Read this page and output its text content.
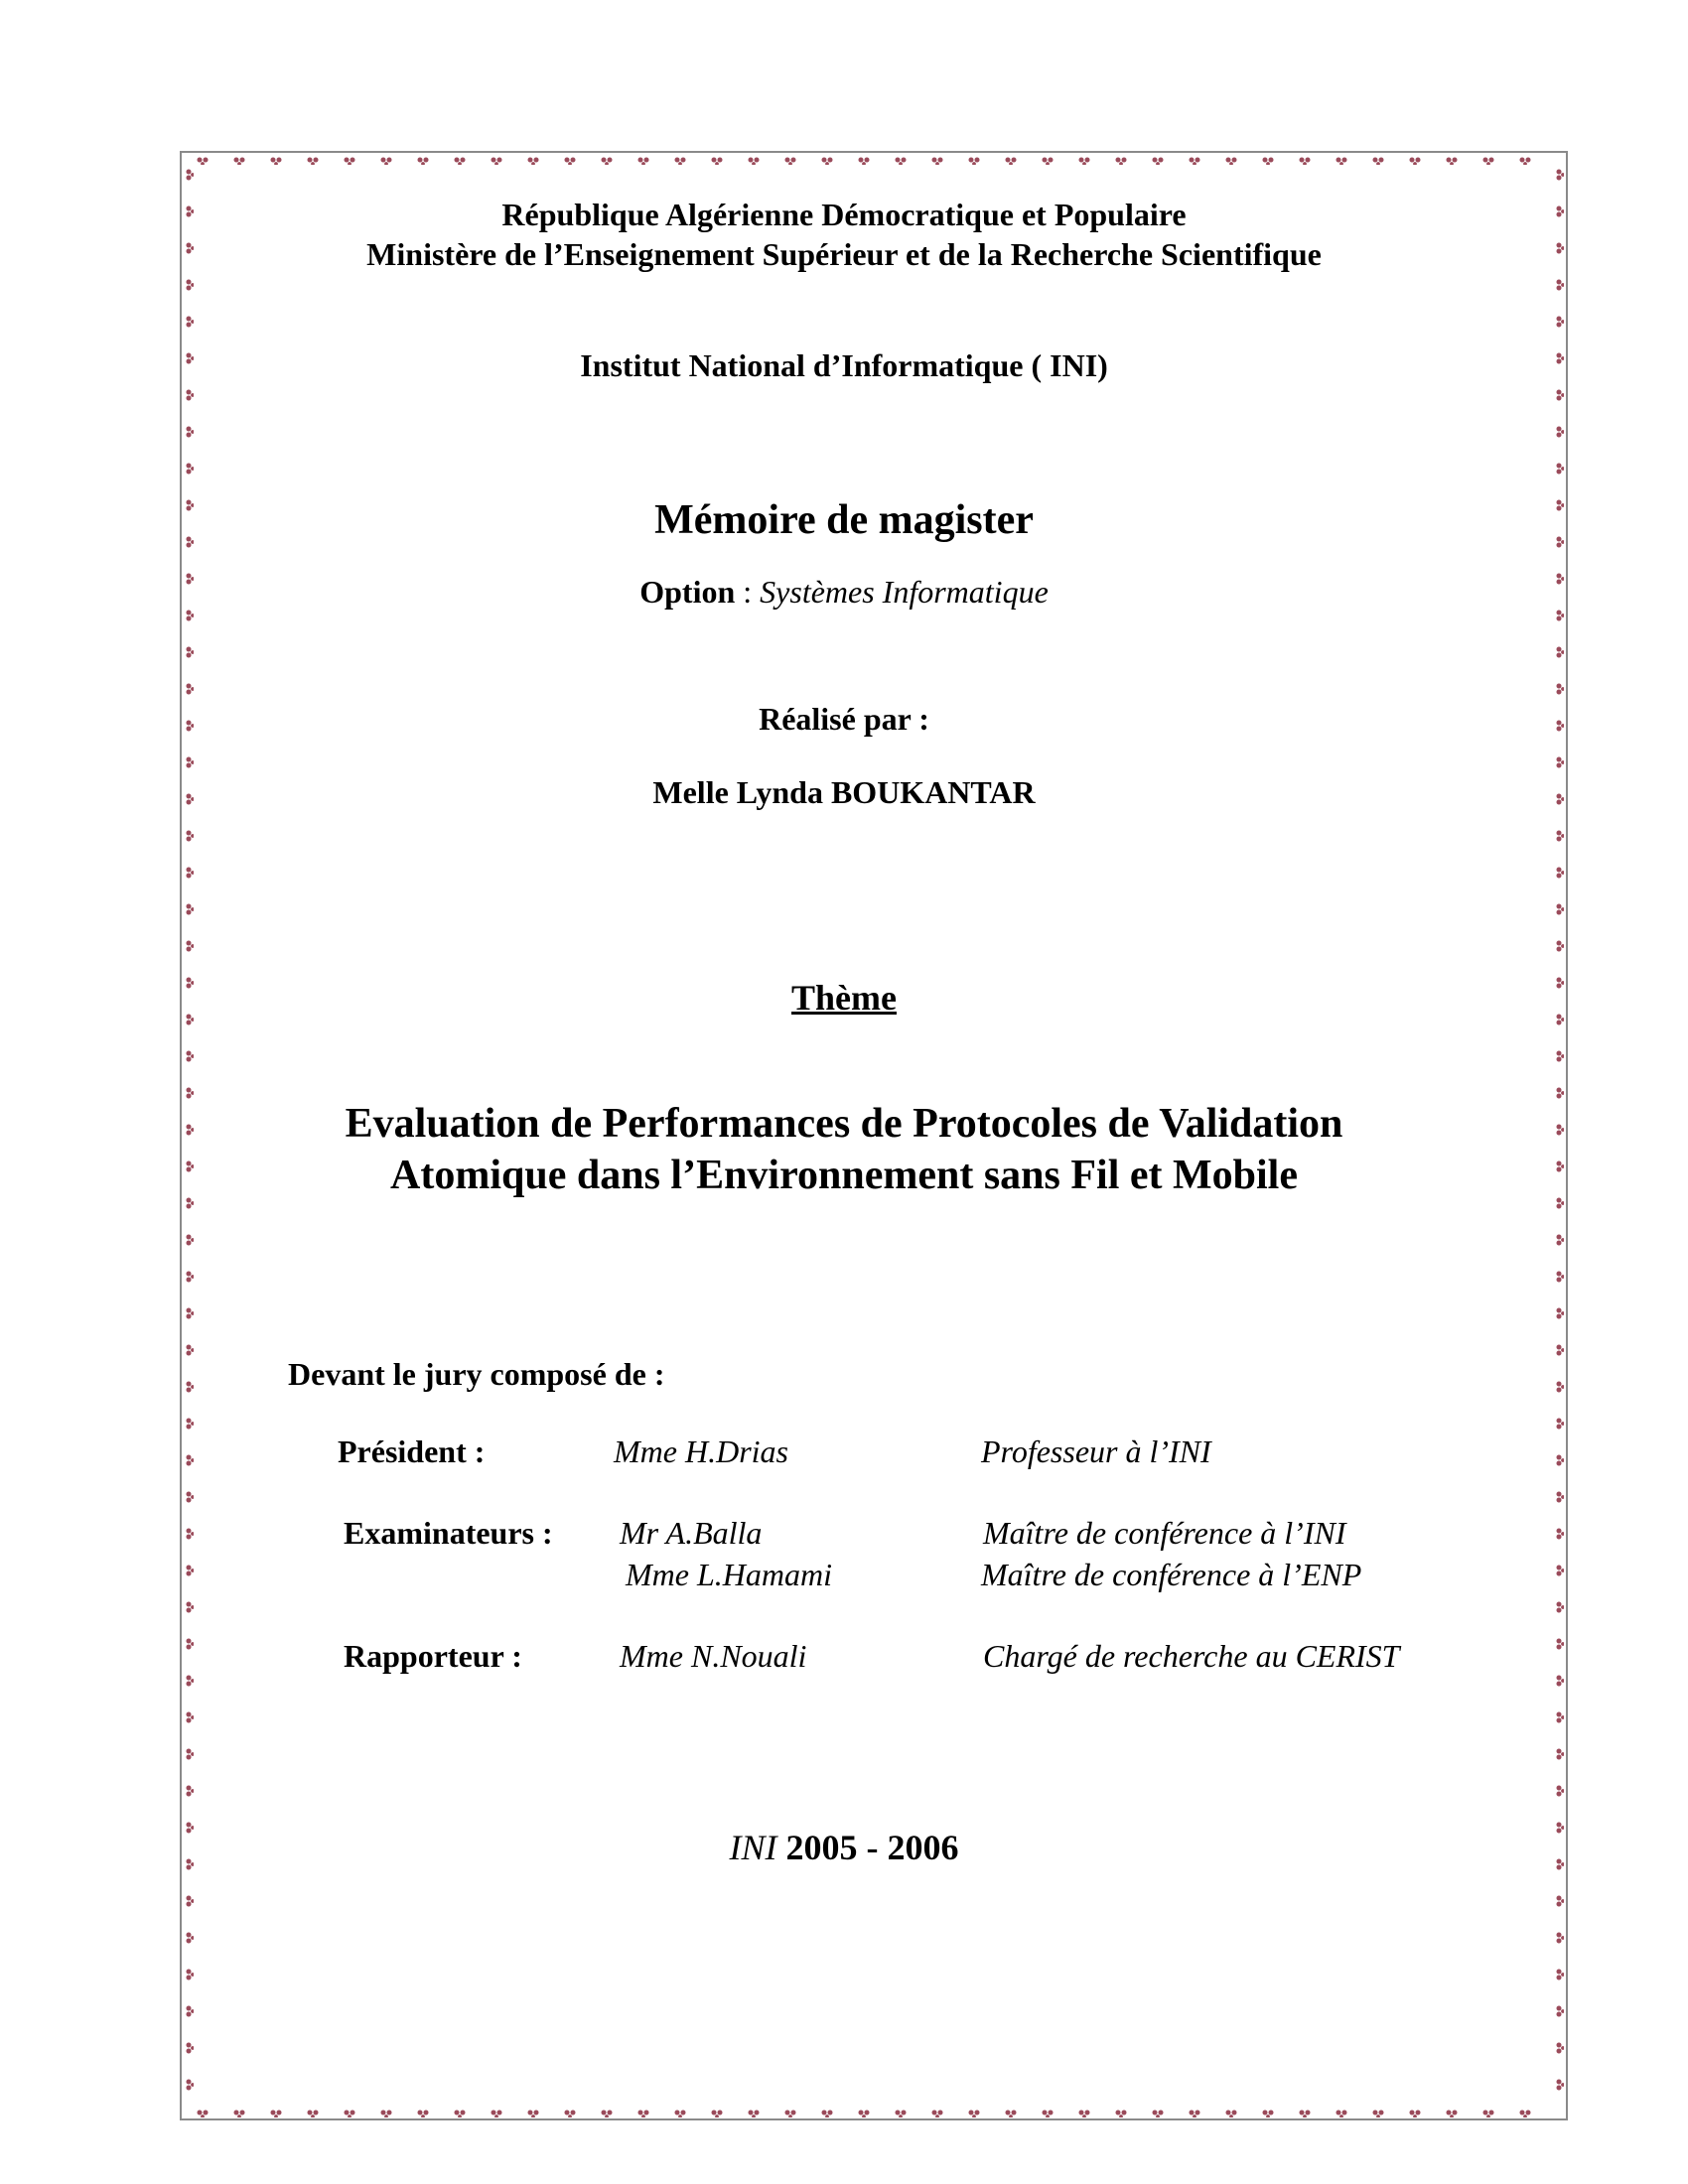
République Algérienne Démocratique et Populaire
Ministère de l’Enseignement Supérieur et de la Recherche Scientifique
Institut National d’Informatique ( INI)
Mémoire de magister
Option : Systèmes Informatique
Réalisé par :
Melle Lynda BOUKANTAR
Thème
Evaluation de Performances de Protocoles de Validation
Atomique dans l’Environnement sans Fil et Mobile
Devant le jury composé de :
Président :	Mme H.Drias	Professeur à l’INI
Examinateurs : Mr A.Balla	Maître de conférence à l’INI
Mme L.Hamami	Maître de conférence à l’ENP
Rapporteur :	Mme N.Nouali	Chargé de recherche au CERIST
INI 2005 - 2006
